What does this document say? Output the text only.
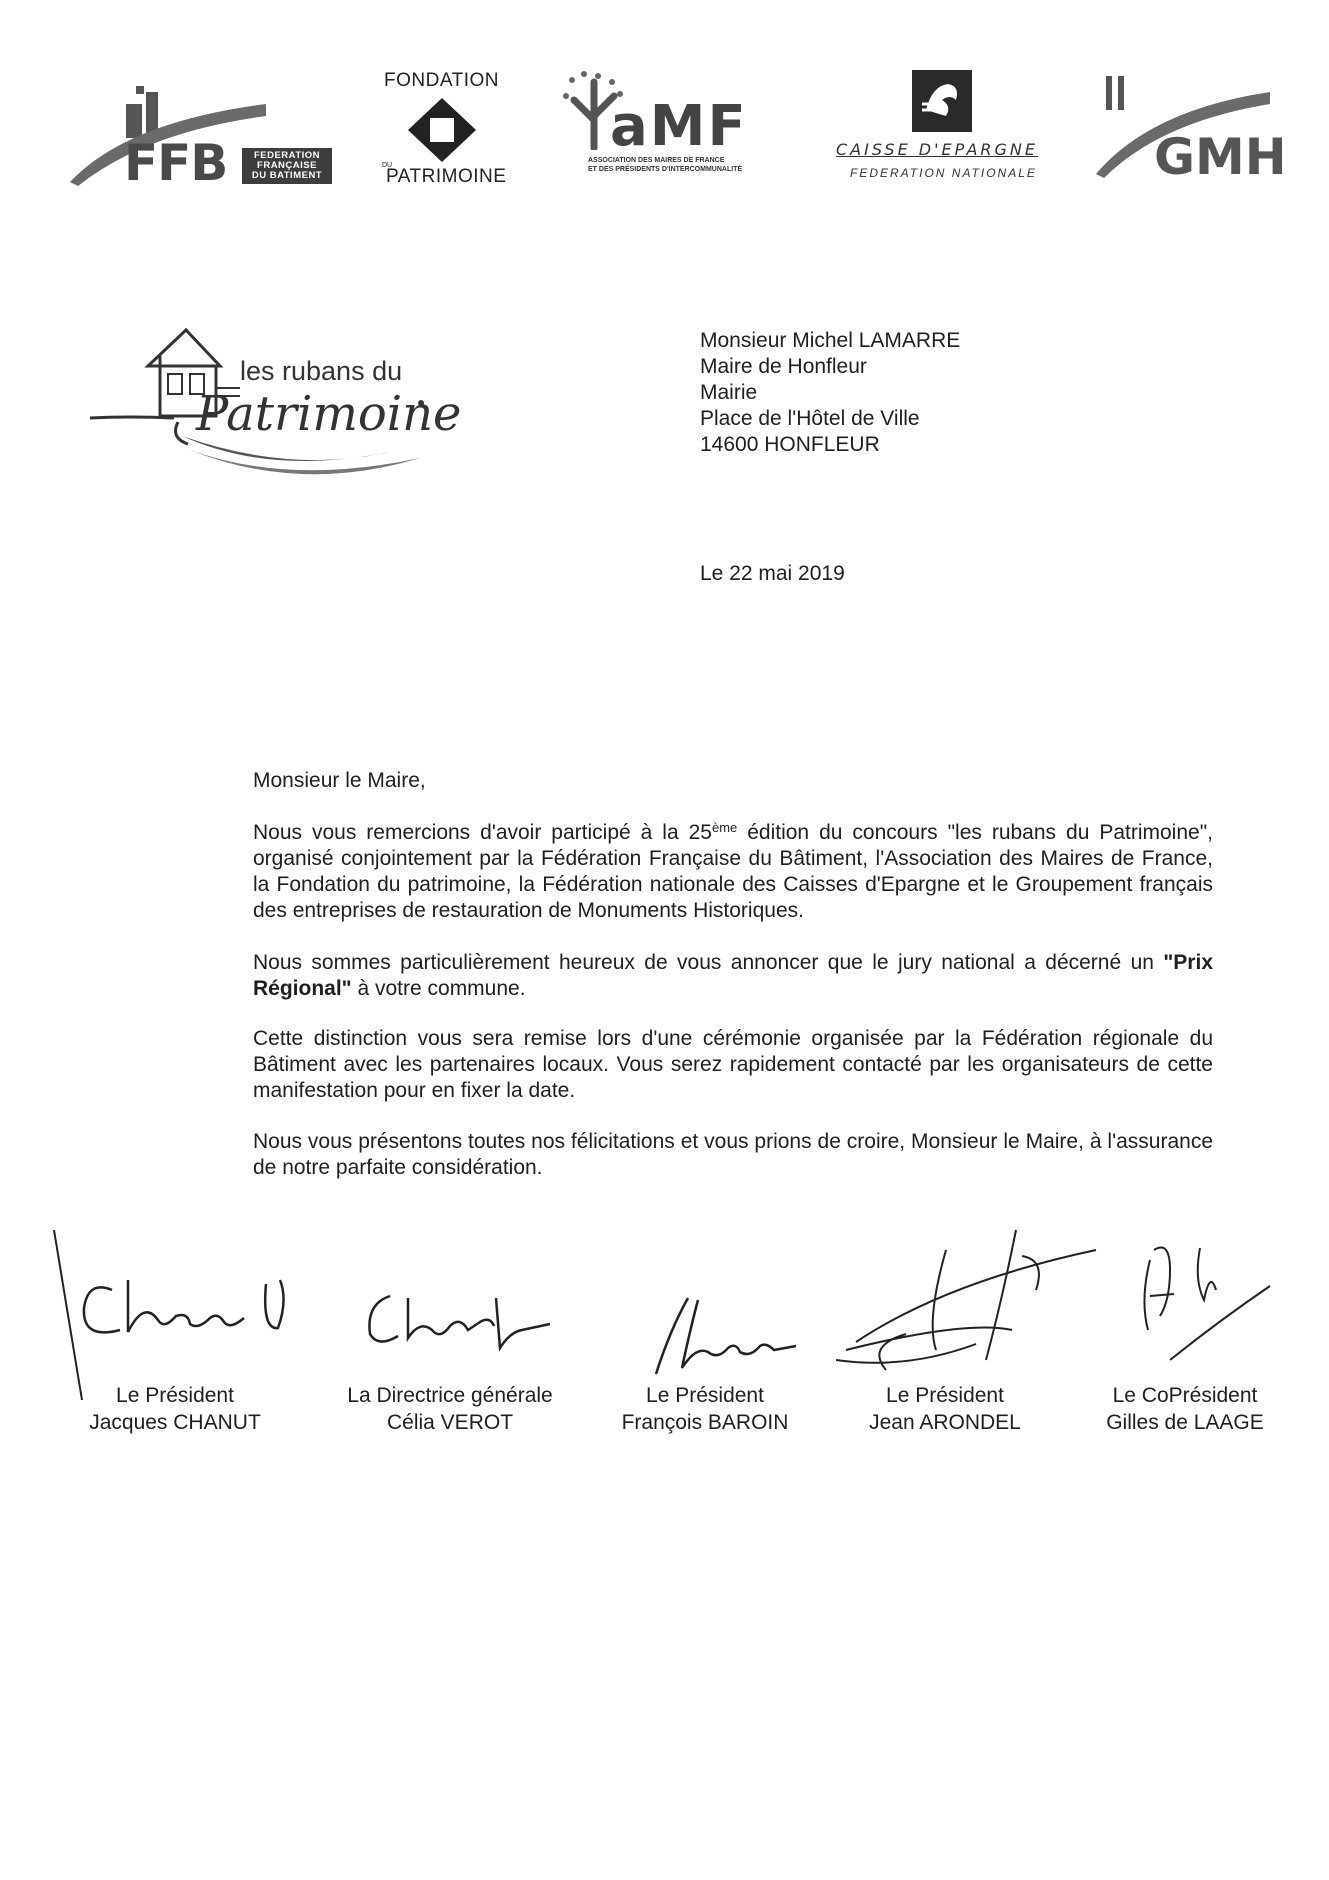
FFB	FEDERATION
FRANÇAISE
DU BATIMENT
FONDATION
DU
PATRIMOINE
aMF
ASSOCIATION DES MAIRES DE FRANCE
ET DES PRÉSIDENTS D'INTERCOMMUNALITÉ
CAISSE D'EPARGNE
FEDERATION NATIONALE GMH
les rubans du
Patrimoine
Monsieur Michel LAMARRE
Maire de Honfleur
Mairie
Place de l'Hôtel de Ville
14600 HONFLEUR
Le 22 mai 2019

Monsieur le Maire,

Nous vous remercions d'avoir participé à la 25ème édition du concours "les rubans du Patrimoine", organisé conjointement par la Fédération Française du Bâtiment, l'Association des Maires de France, la Fondation du patrimoine, la Fédération nationale des Caisses d'Epargne et le Groupement français des entreprises de restauration de Monuments Historiques.

Nous sommes particulièrement heureux de vous annoncer que le jury national a décerné un "Prix Régional" à votre commune.

Cette distinction vous sera remise lors d'une cérémonie organisée par la Fédération régionale du Bâtiment avec les partenaires locaux. Vous serez rapidement contacté par les organisateurs de cette manifestation pour en fixer la date.

Nous vous présentons toutes nos félicitations et vous prions de croire, Monsieur le Maire, à l'assurance de notre parfaite considération.

Le Président
Jacques CHANUT
La Directrice générale
Célia VEROT
Le Président
François BAROIN
Le Président
Jean ARONDEL
Le CoPrésident
Gilles de LAAGE
